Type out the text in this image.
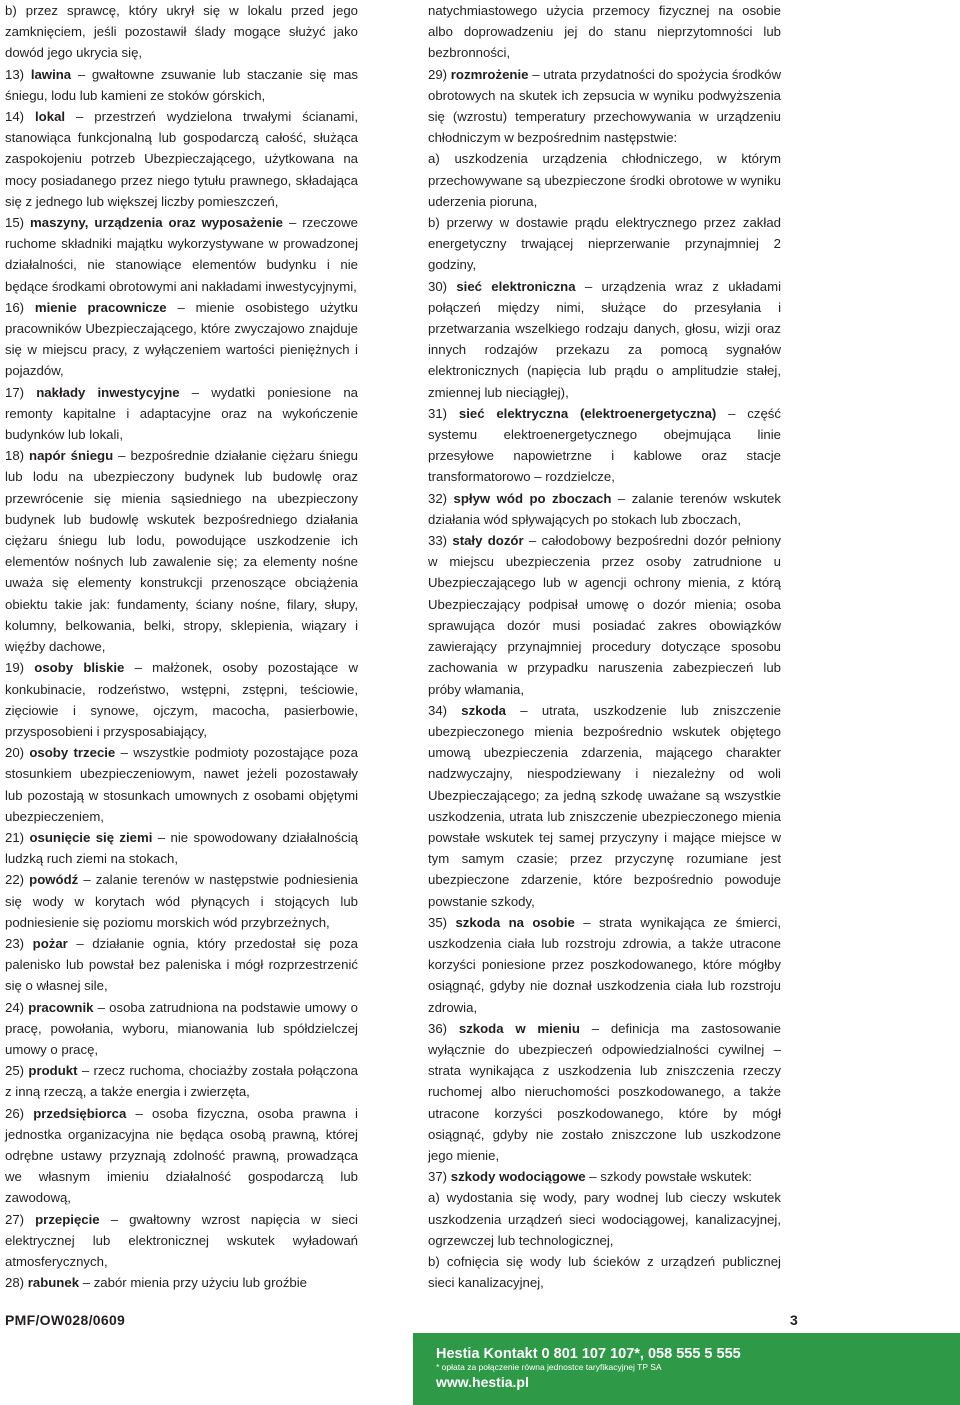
b) przez sprawcę, który ukrył się w lokalu przed jego zamknięciem, jeśli pozostawił ślady mogące służyć jako dowód jego ukrycia się,

13) lawina – gwałtowne zsuwanie lub staczanie się mas śniegu, lodu lub kamieni ze stoków górskich,

14) lokal – przestrzeń wydzielona trwałymi ścianami, stanowiąca funkcjonalną lub gospodarczą całość, służąca zaspokojeniu potrzeb Ubezpieczającego, użytkowana na mocy posiadanego przez niego tytułu prawnego, składająca się z jednego lub większej liczby pomieszczeń,

15) maszyny, urządzenia oraz wyposażenie – rzeczowe ruchome składniki majątku wykorzystywane w prowadzonej działalności, nie stanowiące elementów budynku i nie będące środkami obrotowymi ani nakładami inwestycyjnymi,

16) mienie pracownicze – mienie osobistego użytku pracowników Ubezpieczającego, które zwyczajowo znajduje się w miejscu pracy, z wyłączeniem wartości pieniężnych i pojazdów,

17) nakłady inwestycyjne – wydatki poniesione na remonty kapitalne i adaptacyjne oraz na wykończenie budynków lub lokali,

18) napór śniegu – bezpośrednie działanie ciężaru śniegu lub lodu na ubezpieczony budynek lub budowlę oraz przewrócenie się mienia sąsiedniego na ubezpieczony budynek lub budowlę wskutek bezpośredniego działania ciężaru śniegu lub lodu, powodujące uszkodzenie ich elementów nośnych lub zawalenie się; za elementy nośne uważa się elementy konstrukcji przenoszące obciążenia obiektu takie jak: fundamenty, ściany nośne, filary, słupy, kolumny, belkowania, belki, stropy, sklepienia, wiązary i więźby dachowe,

19) osoby bliskie – małżonek, osoby pozostające w konkubinacie, rodzeństwo, wstępni, zstępni, teściowie, zięciowie i synowe, ojczym, macocha, pasierbowie, przysposobieni i przysposabiający,

20) osoby trzecie – wszystkie podmioty pozostające poza stosunkiem ubezpieczeniowym, nawet jeżeli pozostawały lub pozostają w stosunkach umownych z osobami objętymi ubezpieczeniem,

21) osunięcie się ziemi – nie spowodowany działalnością ludzką ruch ziemi na stokach,

22) powódź – zalanie terenów w następstwie podniesienia się wody w korytach wód płynących i stojących lub podniesienie się poziomu morskich wód przybrzeżnych,

23) pożar – działanie ognia, który przedostał się poza palenisko lub powstał bez paleniska i mógł rozprzestrzenić się o własnej sile,

24) pracownik – osoba zatrudniona na podstawie umowy o pracę, powołania, wyboru, mianowania lub spółdzielczej umowy o pracę,

25) produkt – rzecz ruchoma, chociażby została połączona z inną rzeczą, a także energia i zwierzęta,

26) przedsiębiorca – osoba fizyczna, osoba prawna i jednostka organizacyjna nie będąca osobą prawną, której odrębne ustawy przyznają zdolność prawną, prowadząca we własnym imieniu działalność gospodarczą lub zawodową,

27) przepięcie – gwałtowny wzrost napięcia w sieci elektrycznej lub elektronicznej wskutek wyładowań atmosferycznych,

28) rabunek – zabór mienia przy użyciu lub groźbie

natychmiastowego użycia przemocy fizycznej na osobie albo doprowadzeniu jej do stanu nieprzytomności lub bezbronności,

29) rozmrożenie – utrata przydatności do spożycia środków obrotowych na skutek ich zepsucia w wyniku podwyższenia się (wzrostu) temperatury przechowywania w urządzeniu chłodniczym w bezpośrednim następstwie:

a) uszkodzenia urządzenia chłodniczego, w którym przechowywane są ubezpieczone środki obrotowe w wyniku uderzenia pioruna,

b) przerwy w dostawie prądu elektrycznego przez zakład energetyczny trwającej nieprzerwanie przynajmniej 2 godziny,

30) sieć elektroniczna – urządzenia wraz z układami połączeń między nimi, służące do przesyłania i przetwarzania wszelkiego rodzaju danych, głosu, wizji oraz innych rodzajów przekazu za pomocą sygnałów elektronicznych (napięcia lub prądu o amplitudzie stałej, zmiennej lub nieciągłej),

31) sieć elektryczna (elektroenergetyczna) – część systemu elektroenergetycznego obejmująca linie przesyłowe napowietrzne i kablowe oraz stacje transformatorowo – rozdzielcze,

32) spływ wód po zboczach – zalanie terenów wskutek działania wód spływających po stokach lub zboczach,

33) stały dozór – całodobowy bezpośredni dozór pełniony w miejscu ubezpieczenia przez osoby zatrudnione u Ubezpieczającego lub w agencji ochrony mienia, z którą Ubezpieczający podpisał umowę o dozór mienia; osoba sprawująca dozór musi posiadać zakres obowiązków zawierający przynajmniej procedury dotyczące sposobu zachowania w przypadku naruszenia zabezpieczeń lub próby włamania,

34) szkoda – utrata, uszkodzenie lub zniszczenie ubezpieczonego mienia bezpośrednio wskutek objętego umową ubezpieczenia zdarzenia, mającego charakter nadzwyczajny, niespodziewany i niezależny od woli Ubezpieczającego; za jedną szkodę uważane są wszystkie uszkodzenia, utrata lub zniszczenie ubezpieczonego mienia powstałe wskutek tej samej przyczyny i mające miejsce w tym samym czasie; przez przyczynę rozumiane jest ubezpieczone zdarzenie, które bezpośrednio powoduje powstanie szkody,

35) szkoda na osobie – strata wynikająca ze śmierci, uszkodzenia ciała lub rozstroju zdrowia, a także utracone korzyści poniesione przez poszkodowanego, które mógłby osiągnąć, gdyby nie doznał uszkodzenia ciała lub rozstroju zdrowia,

36) szkoda w mieniu – definicja ma zastosowanie wyłącznie do ubezpieczeń odpowiedzialności cywilnej – strata wynikająca z uszkodzenia lub zniszczenia rzeczy ruchomej albo nieruchomości poszkodowanego, a także utracone korzyści poszkodowanego, które by mógł osiągnąć, gdyby nie zostało zniszczone lub uszkodzone jego mienie,

37) szkody wodociągowe – szkody powstałe wskutek:

a) wydostania się wody, pary wodnej lub cieczy wskutek uszkodzenia urządzeń sieci wodociągowej, kanalizacyjnej, ogrzewczej lub technologicznej,

b) cofnięcia się wody lub ścieków z urządzeń publicznej sieci kanalizacyjnej,

PMF/OW028/0609	3
Hestia Kontakt 0 801 107 107*, 058 555 5 555
* opłata za połączenie równa jednostce taryfikacyjnej TP SA
www.hestia.pl
